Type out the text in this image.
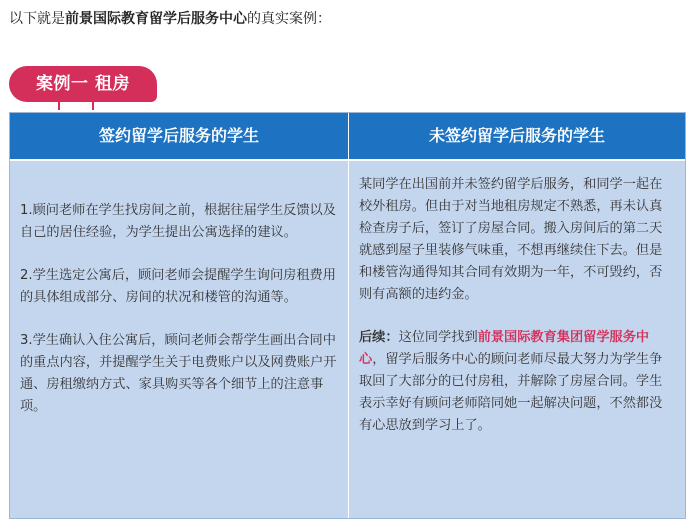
以下就是前景国际教育留学后服务中心的真实案例：
案例一 租房
签约留学后服务的学生

1.顾问老师在学生找房间之前，根据往届学生反馈以及自己的居住经验，为学生提出公寓选择的建议。

2.学生选定公寓后，顾问老师会提醒学生询问房租费用的具体组成部分、房间的状况和楼管的沟通等。

3.学生确认入住公寓后，顾问老师会帮学生画出合同中的重点内容，并提醒学生关于电费账户以及网费账户开通、房租缴纳方式、家具购买等各个细节上的注意事项。

未签约留学后服务的学生

某同学在出国前并未签约留学后服务，和同学一起在校外租房。但由于对当地租房规定不熟悉，再未认真检查房子后，签订了房屋合同。搬入房间后的第二天就感到屋子里装修气味重，不想再继续住下去。但是和楼管沟通得知其合同有效期为一年，不可毁约，否则有高额的违约金。

后续：这位同学找到前景国际教育集团留学服务中心，留学后服务中心的顾问老师尽最大努力为学生争取回了大部分的已付房租，并解除了房屋合同。学生表示幸好有顾问老师陪同她一起解决问题，不然都没有心思放到学习上了。
